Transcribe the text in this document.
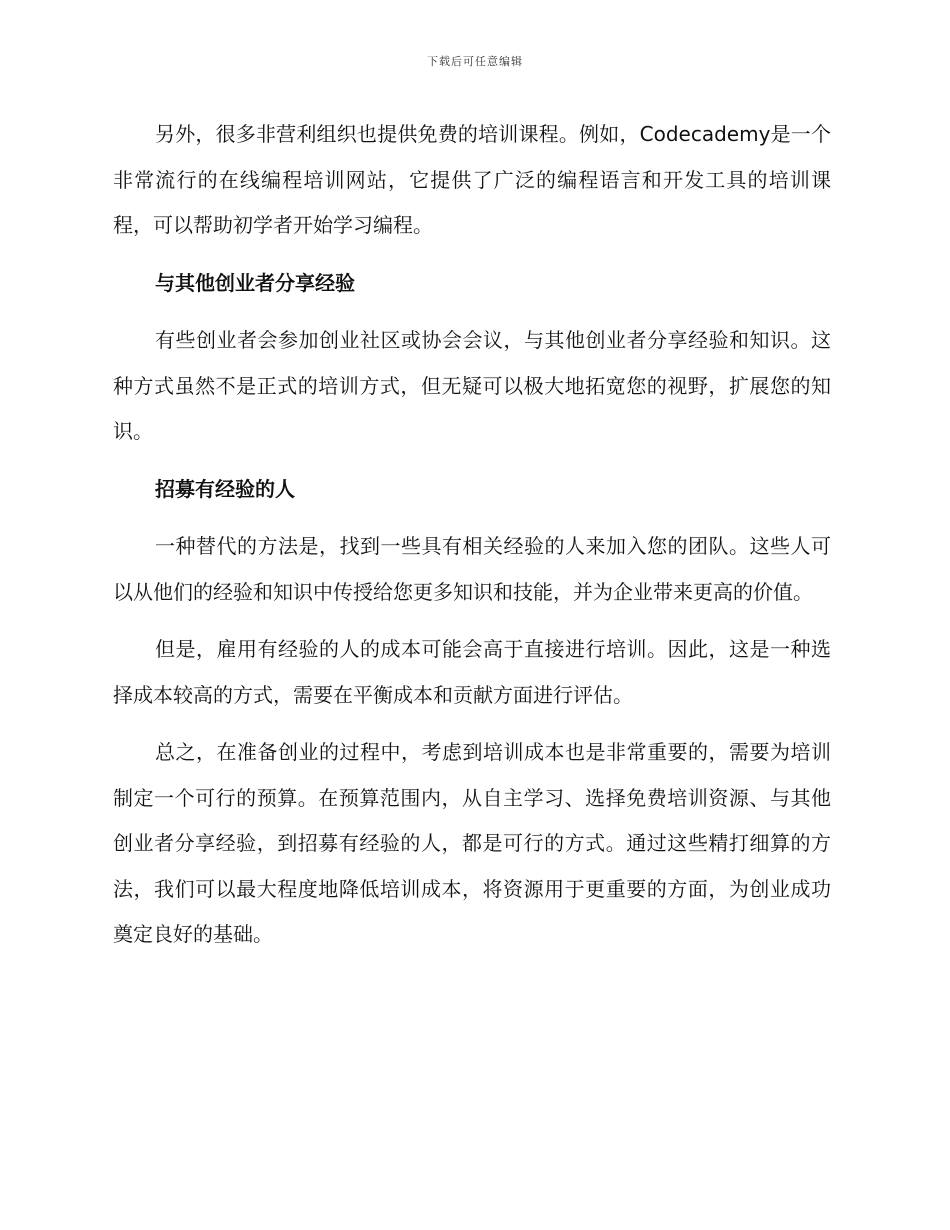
下载后可任意编辑

另外，很多非营利组织也提供免费的培训课程。例如，Codecademy是一个非常流行的在线编程培训网站，它提供了广泛的编程语言和开发工具的培训课程，可以帮助初学者开始学习编程。

与其他创业者分享经验

有些创业者会参加创业社区或协会会议，与其他创业者分享经验和知识。这种方式虽然不是正式的培训方式，但无疑可以极大地拓宽您的视野，扩展您的知识。

招募有经验的人

一种替代的方法是，找到一些具有相关经验的人来加入您的团队。这些人可以从他们的经验和知识中传授给您更多知识和技能，并为企业带来更高的价值。

但是，雇用有经验的人的成本可能会高于直接进行培训。因此，这是一种选择成本较高的方式，需要在平衡成本和贡献方面进行评估。

总之，在准备创业的过程中，考虑到培训成本也是非常重要的，需要为培训制定一个可行的预算。在预算范围内，从自主学习、选择免费培训资源、与其他创业者分享经验，到招募有经验的人，都是可行的方式。通过这些精打细算的方法，我们可以最大程度地降低培训成本，将资源用于更重要的方面，为创业成功奠定良好的基础。
